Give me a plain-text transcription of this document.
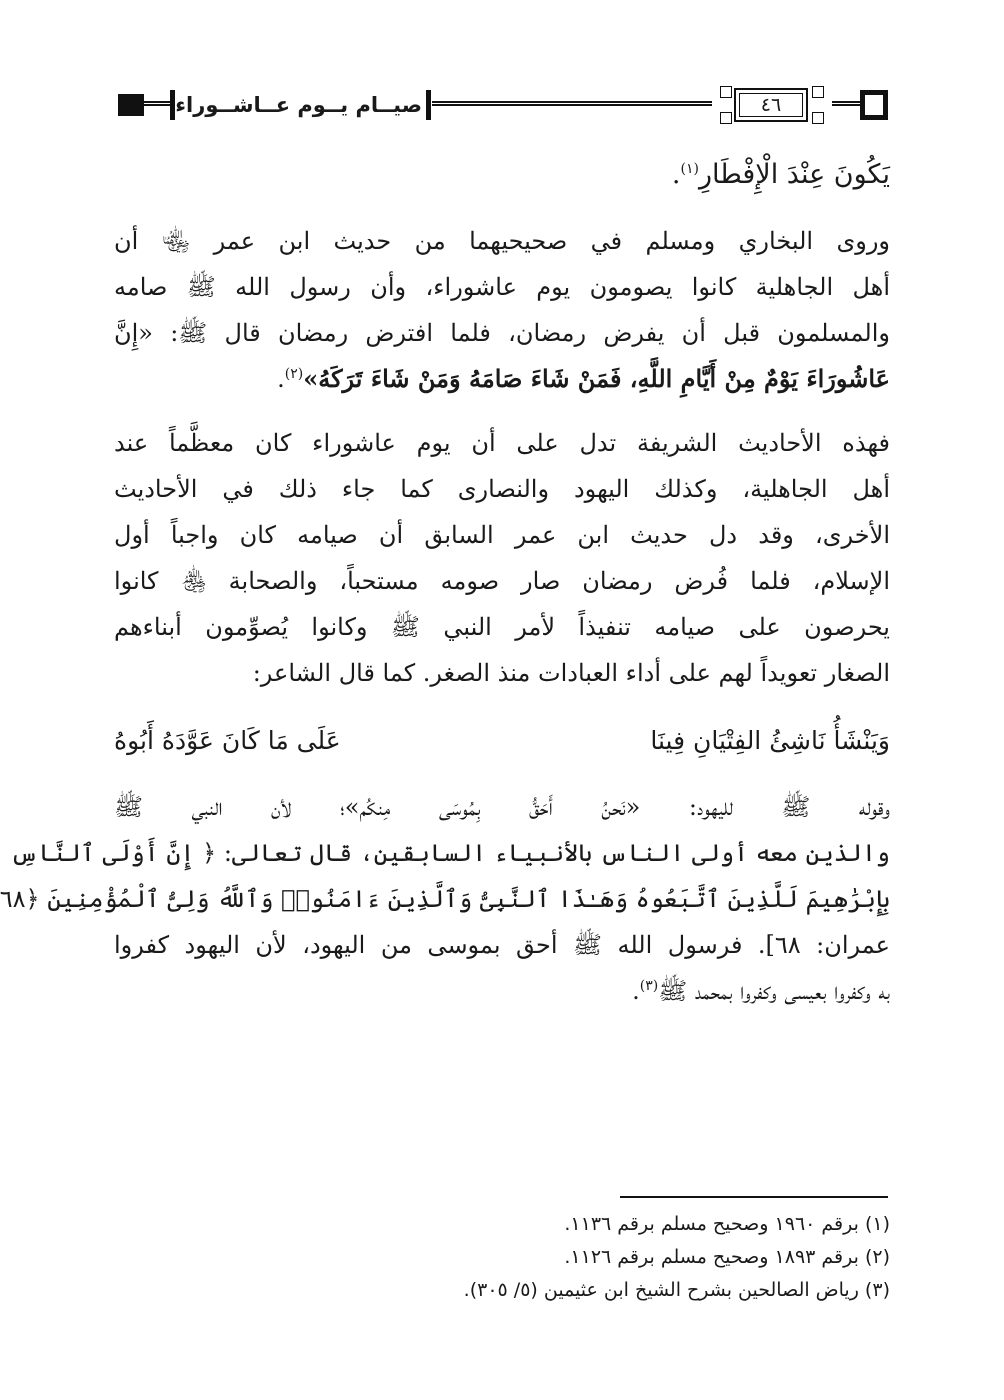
صيــام يــوم عــاشــوراء	٤٦
يَكُونَ عِنْدَ الْإِفْطَارِ$^{(١)}$.
وروى البخاري ومسلم في صحيحيهما من حديث ابن عمر ﵄ أن
أهل الجاهلية كانوا يصومون يوم عاشوراء، وأن رسول الله ﷺ صامه
والمسلمون قبل أن يفرض رمضان، فلما افترض رمضان قال ﷺ: «إِنَّ
عَاشُورَاءَ يَوْمٌ مِنْ أَيَّامِ اللَّهِ، فَمَنْ شَاءَ صَامَهُ وَمَنْ شَاءَ تَرَكَهُ»$^{(٢)}$.
فهذه الأحاديث الشريفة تدل على أن يوم عاشوراء كان معظَّماً عند
أهل الجاهلية، وكذلك اليهود والنصارى كما جاء ذلك في الأحاديث
الأخرى، وقد دل حديث ابن عمر السابق أن صيامه كان واجباً أول
الإسلام، فلما فُرض رمضان صار صومه مستحباً، والصحابة ﵃ كانوا
يحرصون على صيامه تنفيذاً لأمر النبي ﷺ وكانوا يُصوِّمون أبناءهم
الصغار تعويداً لهم على أداء العبادات منذ الصغر. كما قال الشاعر:
وَيَنْشَأُ نَاشِئُ الفِتْيَانِ فِينَا
عَلَى مَا كَانَ عَوَّدَهُ أَبُوهُ
وقوله ﷺ لليهود: «نَحنُ أَحَقُّ بِمُوسَى مِنكُم»؛ لأن النبي ﷺ
والذين معه أولى الناس بالأنبياء السابقين، قال تعالى: ﴿ إِنَّ أَوْلَى ٱلنَّاسِ
بِإِبْرَٰهِيمَ لَلَّذِينَ ٱتَّبَعُوهُ وَهَـٰذَا ٱلنَّبِىُّ وَٱلَّذِينَ ءَامَنُوا۟ وَٱللَّهُ وَلِىُّ ٱلْمُؤْمِنِينَ ﴿٦٨
عمران: ٦٨]. فرسول الله ﷺ أحق بموسى من اليهود، لأن اليهود كفروا
به وكفروا بعيسى وكفروا بمحمد ﷺ$^{(٣)}$.
(١) برقم ١٩٦٠ وصحيح مسلم برقم ١١٣٦.
(٢) برقم ١٨٩٣ وصحيح مسلم برقم ١١٢٦.
(٣) رياض الصالحين بشرح الشيخ ابن عثيمين (٥/ ٣٠٥).
